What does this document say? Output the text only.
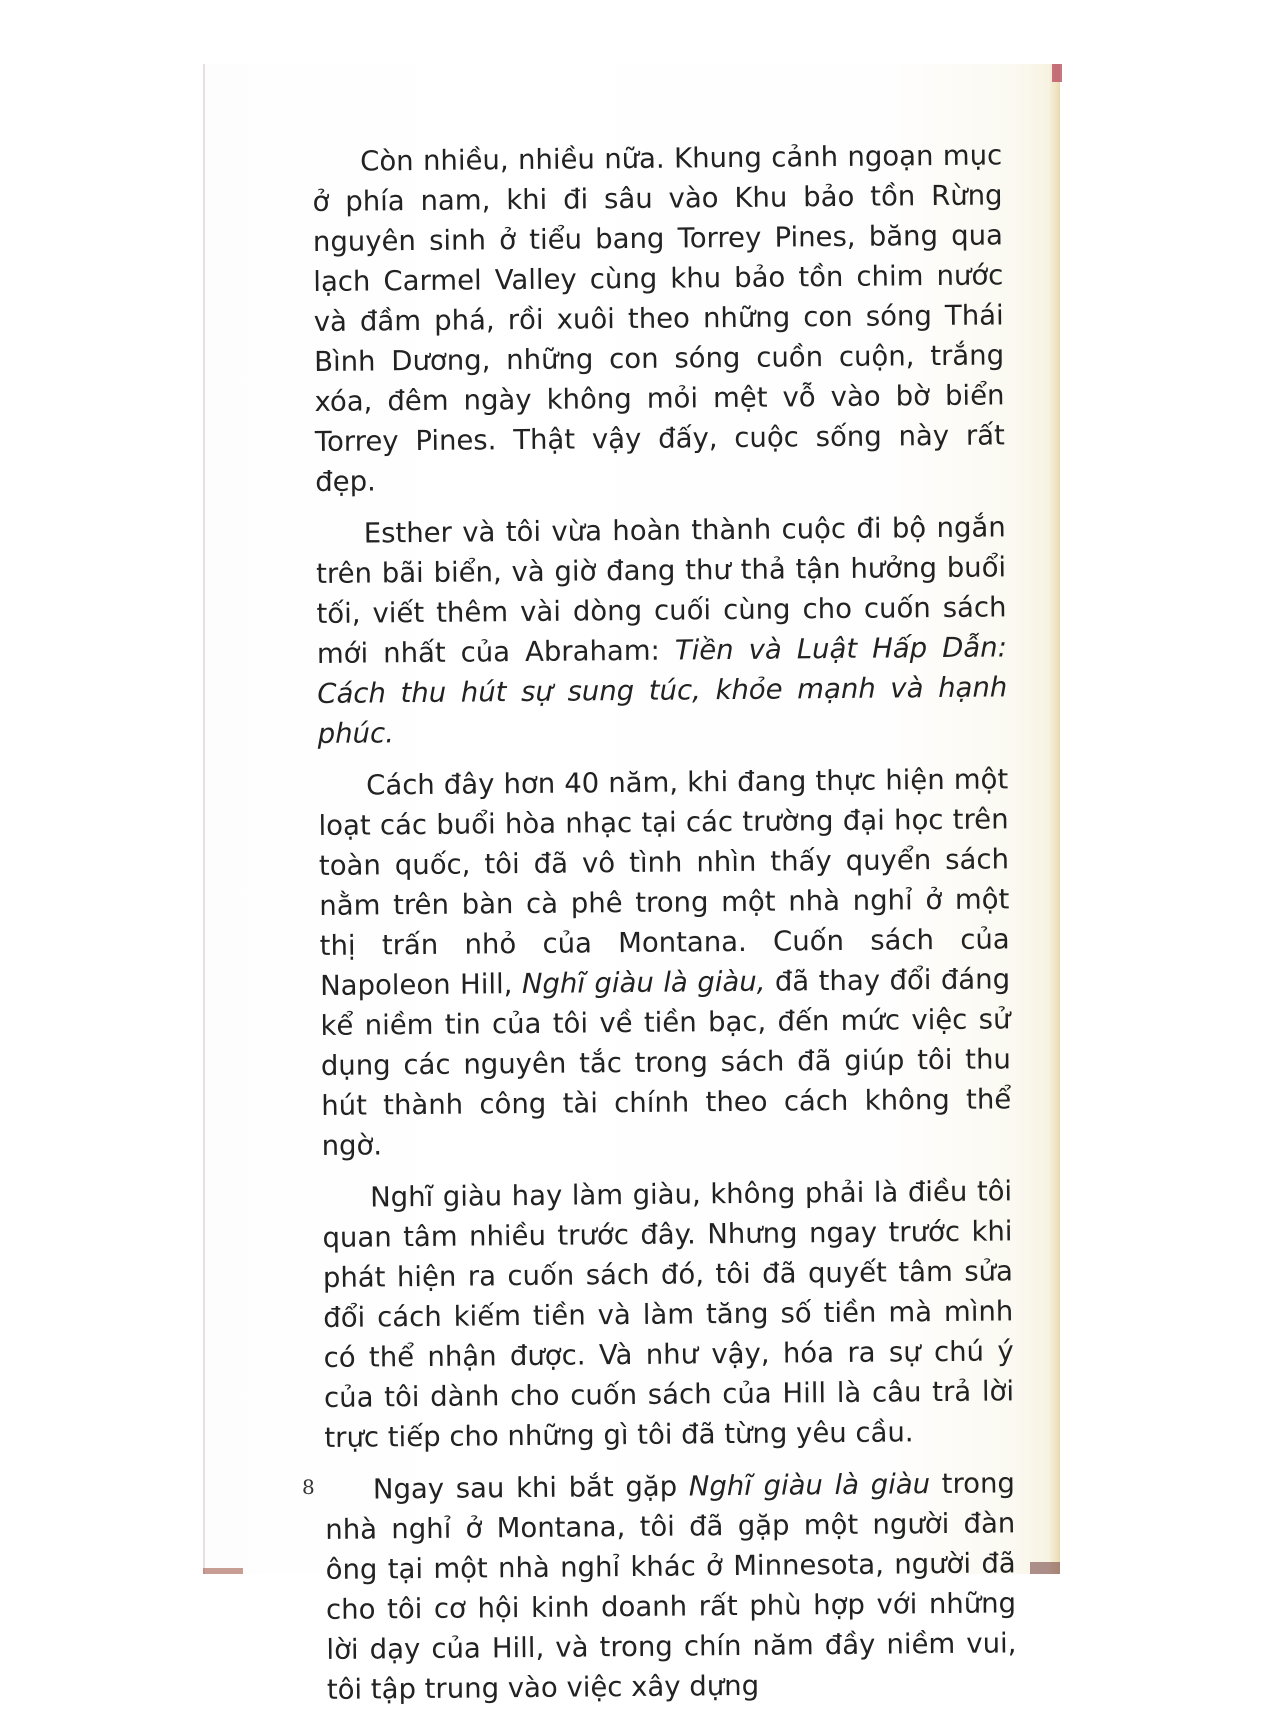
Còn nhiều, nhiều nữa. Khung cảnh ngoạn mục ở phía nam, khi đi sâu vào Khu bảo tồn Rừng nguyên sinh ở tiểu bang Torrey Pines, băng qua lạch Carmel Valley cùng khu bảo tồn chim nước và đầm phá, rồi xuôi theo những con sóng Thái Bình Dương, những con sóng cuồn cuộn, trắng xóa, đêm ngày không mỏi mệt vỗ vào bờ biển Torrey Pines. Thật vậy đấy, cuộc sống này rất đẹp.

Esther và tôi vừa hoàn thành cuộc đi bộ ngắn trên bãi biển, và giờ đang thư thả tận hưởng buổi tối, viết thêm vài dòng cuối cùng cho cuốn sách mới nhất của Abraham: Tiền và Luật Hấp Dẫn: Cách thu hút sự sung túc, khỏe mạnh và hạnh phúc.

Cách đây hơn 40 năm, khi đang thực hiện một loạt các buổi hòa nhạc tại các trường đại học trên toàn quốc, tôi đã vô tình nhìn thấy quyển sách nằm trên bàn cà phê trong một nhà nghỉ ở một thị trấn nhỏ của Montana. Cuốn sách của Napoleon Hill, Nghĩ giàu là giàu, đã thay đổi đáng kể niềm tin của tôi về tiền bạc, đến mức việc sử dụng các nguyên tắc trong sách đã giúp tôi thu hút thành công tài chính theo cách không thể ngờ.

Nghĩ giàu hay làm giàu, không phải là điều tôi quan tâm nhiều trước đây. Nhưng ngay trước khi phát hiện ra cuốn sách đó, tôi đã quyết tâm sửa đổi cách kiếm tiền và làm tăng số tiền mà mình có thể nhận được. Và như vậy, hóa ra sự chú ý của tôi dành cho cuốn sách của Hill là câu trả lời trực tiếp cho những gì tôi đã từng yêu cầu.

Ngay sau khi bắt gặp Nghĩ giàu là giàu trong nhà nghỉ ở Montana, tôi đã gặp một người đàn ông tại một nhà nghỉ khác ở Minnesota, người đã cho tôi cơ hội kinh doanh rất phù hợp với những lời dạy của Hill, và trong chín năm đầy niềm vui, tôi tập trung vào việc xây dựng

8
